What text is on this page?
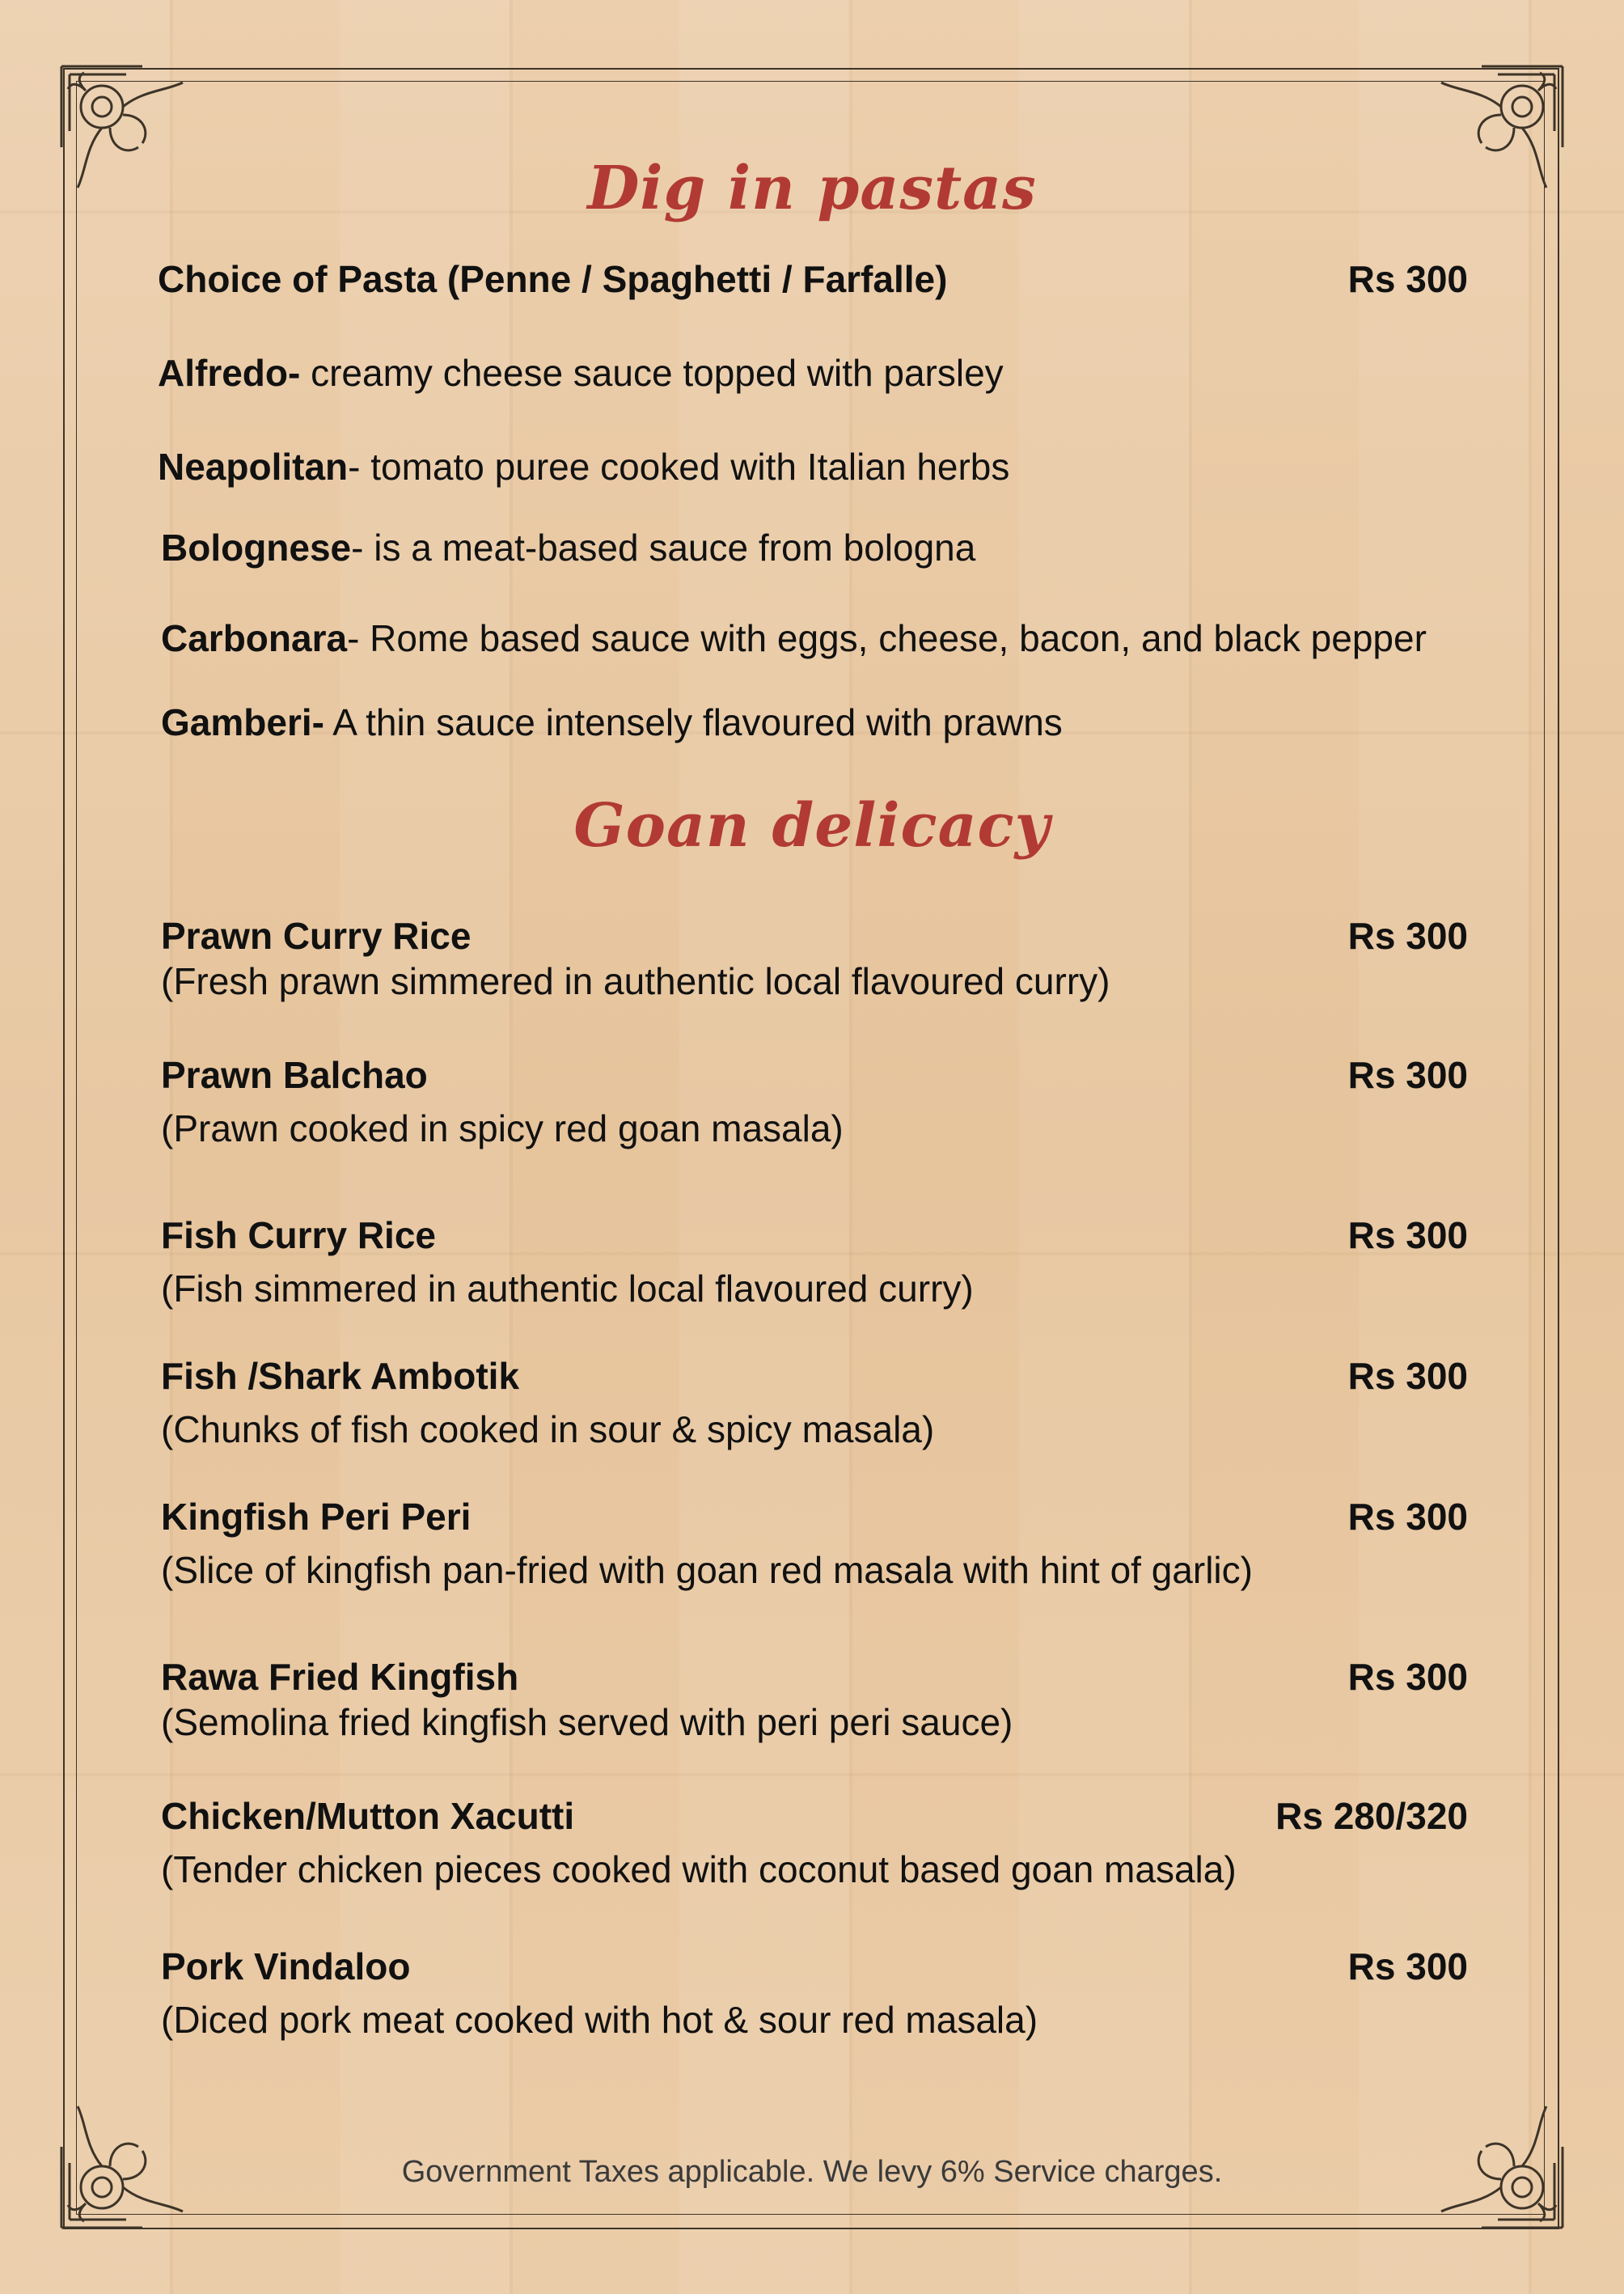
Dig in pastas
Choice of Pasta (Penne / Spaghetti / Farfalle)	Rs 300
Alfredo- creamy cheese sauce topped with parsley
Neapolitan- tomato puree cooked with Italian herbs
Bolognese- is a meat-based sauce from bologna
Carbonara- Rome based sauce with eggs, cheese, bacon, and black pepper
Gamberi- A thin sauce intensely flavoured with prawns
Goan delicacy
Prawn Curry Rice	Rs 300
(Fresh prawn simmered in authentic local flavoured curry)
Prawn Balchao	Rs 300
(Prawn cooked in spicy red goan masala)
Fish Curry Rice	Rs 300
(Fish simmered in authentic local flavoured curry)
Fish /Shark Ambotik	Rs 300
(Chunks of fish cooked in sour & spicy masala)
Kingfish Peri Peri	Rs 300
(Slice of kingfish pan-fried with goan red masala with hint of garlic)
Rawa Fried Kingfish	Rs 300
(Semolina fried kingfish served with peri peri sauce)
Chicken/Mutton Xacutti	Rs 280/320
(Tender chicken pieces cooked with coconut based goan masala)
Pork Vindaloo	Rs 300
(Diced pork meat cooked with hot & sour red masala)
Government Taxes applicable. We levy 6% Service charges.
